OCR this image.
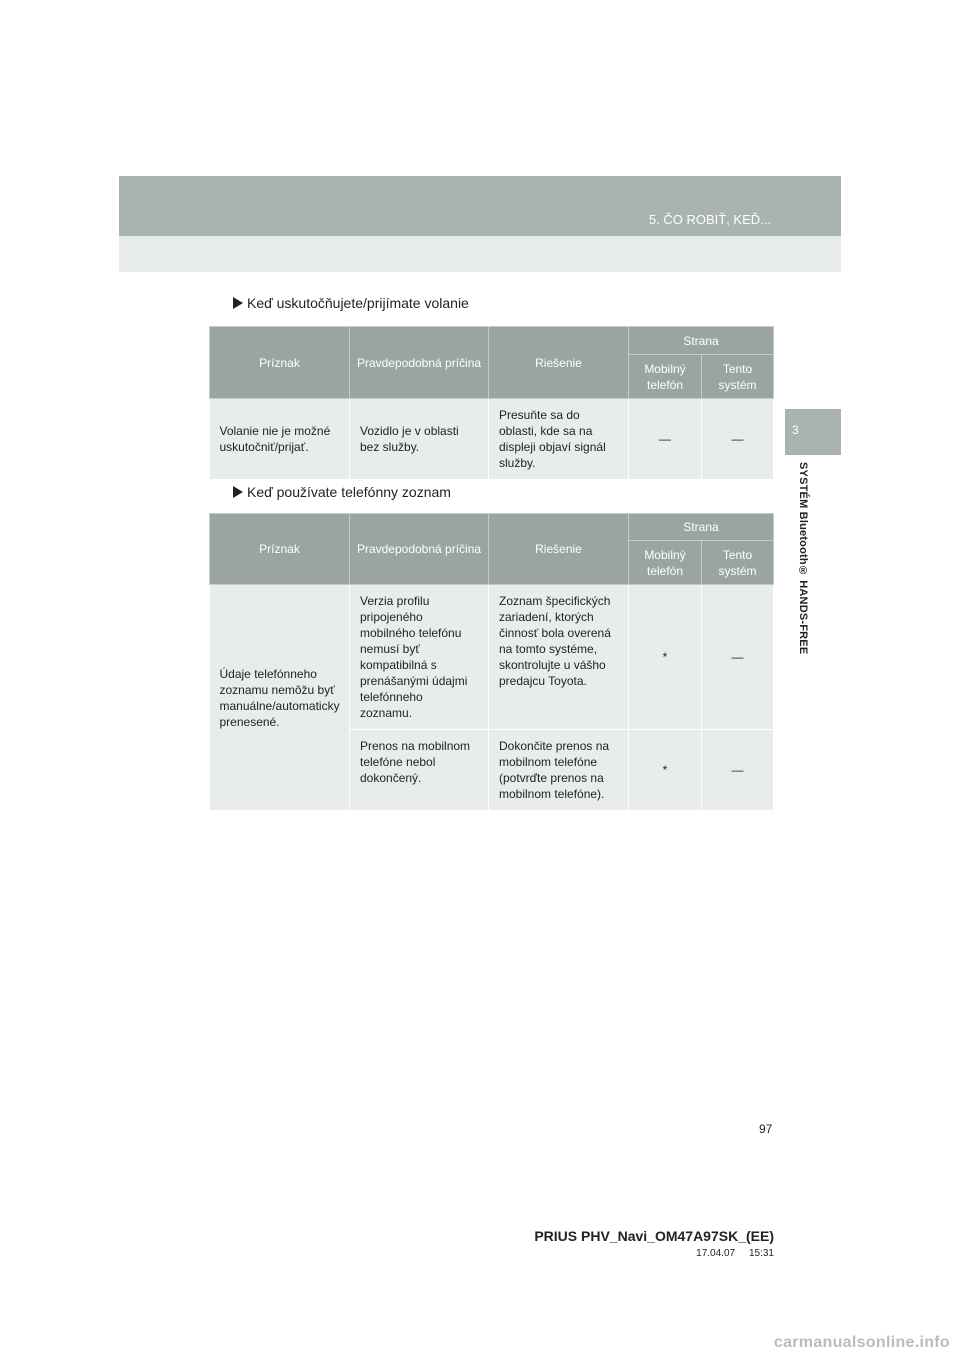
5. ČO ROBIŤ, KEĎ...
3
SYSTÉM Bluetooth® HANDS-FREE
Keď uskutočňujete/prijímate volanie
Príznak	Pravdepodobná príčina	Riešenie	Strana	
			Mobilný telefón	Tento systém
Volanie nie je možné uskutočniť/prijať.	Vozidlo je v oblasti bez služby.	Presuňte sa do oblasti, kde sa na displeji objaví signál služby.	—	—
Keď používate telefónny zoznam
Príznak	Pravdepodobná príčina	Riešenie	Strana	
			Mobilný telefón	Tento systém
Údaje telefónneho zoznamu nemôžu byť manuálne/automaticky prenesené.	Verzia profilu pripojeného mobilného telefónu nemusí byť kompatibilná s prenášanými údajmi telefónneho zoznamu.	Zoznam špecifických zariadení, ktorých činnosť bola overená na tomto systéme, skontrolujte u vášho predajcu Toyota.	*	—
	Prenos na mobilnom telefóne nebol dokončený.	Dokončite prenos na mobilnom telefóne (potvrďte prenos na mobilnom telefóne).	*	—
97
PRIUS PHV_Navi_OM47A97SK_(EE)
17.04.07     15:31
carmanualsonline.info
